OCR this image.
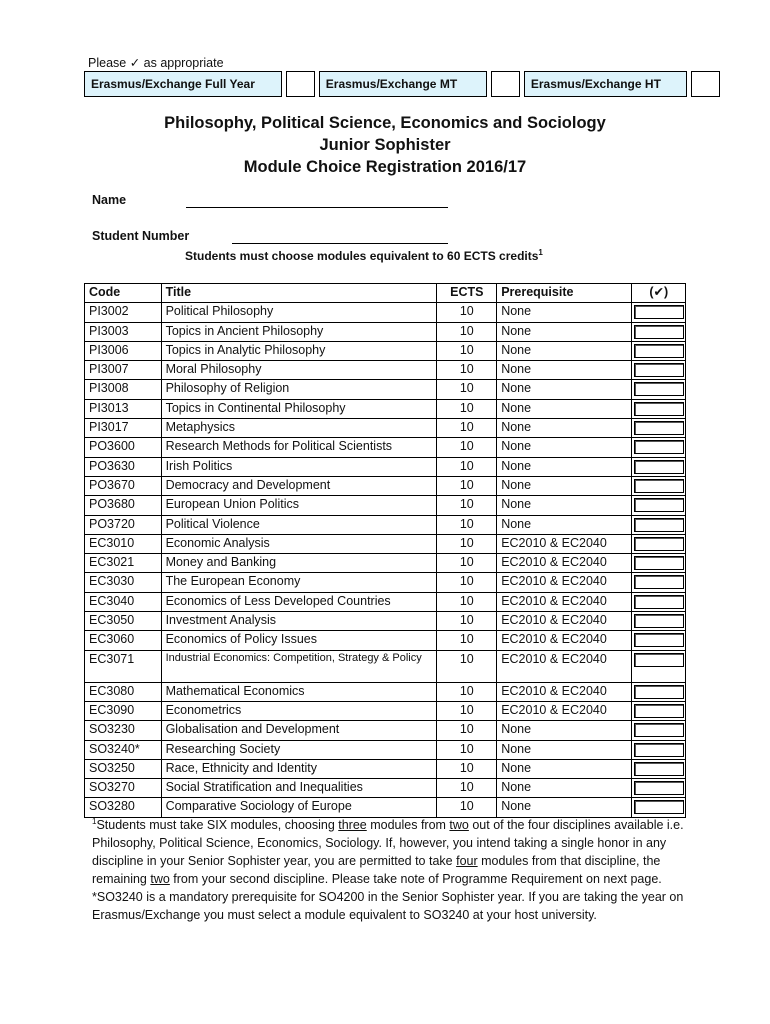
Please ✓ as appropriate
Erasmus/Exchange Full Year	Erasmus/Exchange MT	Erasmus/Exchange HT
Philosophy, Political Science, Economics and Sociology
Junior Sophister
Module Choice Registration 2016/17
Name
Student Number
Students must choose modules equivalent to 60 ECTS credits$^1$
Code	Title	ECTS	Prerequisite	(✔)
PI3002	Political Philosophy	10	None	

PI3003	Topics in Ancient Philosophy	10	None	

PI3006	Topics in Analytic Philosophy	10	None	

PI3007	Moral Philosophy	10	None	

PI3008	Philosophy of Religion	10	None	

PI3013	Topics in Continental Philosophy	10	None	

PI3017	Metaphysics	10	None	

PO3600	Research Methods for Political Scientists	10	None	

PO3630	Irish Politics	10	None	

PO3670	Democracy and Development	10	None	

PO3680	European Union Politics	10	None	

PO3720	Political Violence	10	None	

EC3010	Economic Analysis	10	EC2010 & EC2040	

EC3021	Money and Banking	10	EC2010 & EC2040	

EC3030	The European Economy	10	EC2010 & EC2040	

EC3040	Economics of Less Developed Countries	10	EC2010 & EC2040	

EC3050	Investment Analysis	10	EC2010 & EC2040	

EC3060	Economics of Policy Issues	10	EC2010 & EC2040	

EC3071	Industrial Economics: Competition, Strategy & Policy	10	EC2010 & EC2040	

EC3080	Mathematical Economics	10	EC2010 & EC2040	

EC3090	Econometrics	10	EC2010 & EC2040	

SO3230	Globalisation and Development	10	None	

SO3240*	Researching Society	10	None	

SO3250	Race, Ethnicity and Identity	10	None	

SO3270	Social Stratification and Inequalities	10	None	

SO3280	Comparative Sociology of Europe	10	None	
$^1$Students must take SIX modules, choosing three modules from two out of the four disciplines available i.e. Philosophy, Political Science, Economics, Sociology. If, however, you intend taking a single honor in any discipline in your Senior Sophister year, you are permitted to take four modules from that discipline, the remaining two from your second discipline. Please take note of Programme Requirement on next page.
*SO3240 is a mandatory prerequisite for SO4200 in the Senior Sophister year. If you are taking the year on Erasmus/Exchange you must select a module equivalent to SO3240 at your host university.
